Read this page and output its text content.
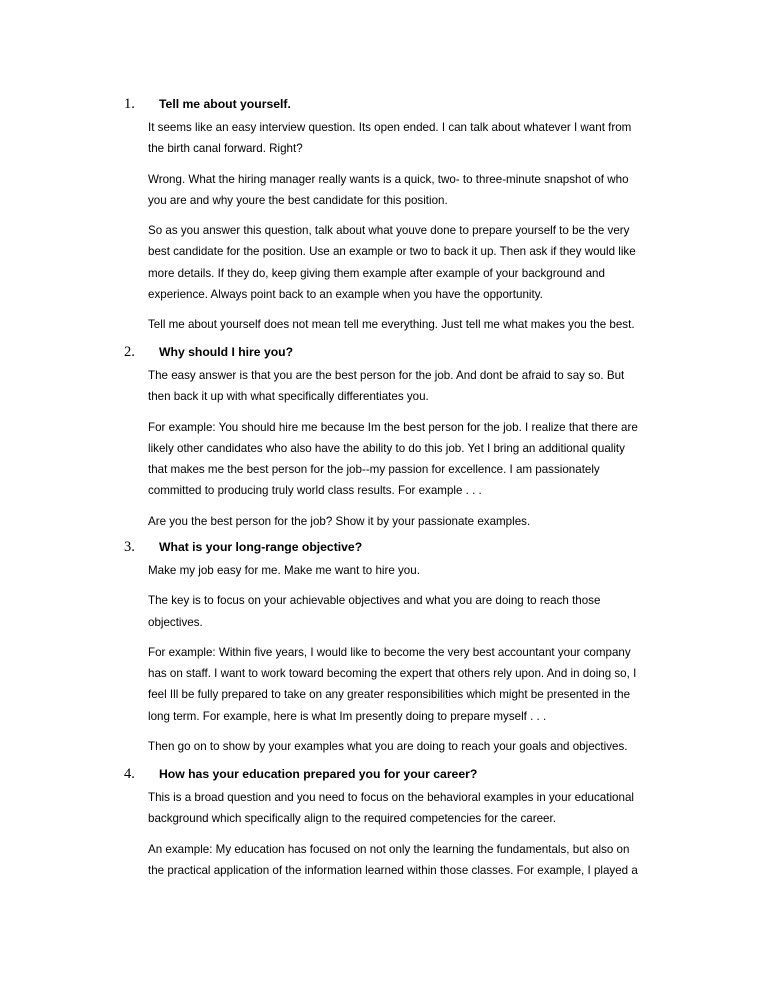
1. Tell me about yourself.

It seems like an easy interview question. Its open ended. I can talk about whatever I want from
the birth canal forward. Right?

Wrong. What the hiring manager really wants is a quick, two- to three-minute snapshot of who
you are and why youre the best candidate for this position.

So as you answer this question, talk about what youve done to prepare yourself to be the very
best candidate for the position. Use an example or two to back it up. Then ask if they would like
more details. If they do, keep giving them example after example of your background and
experience. Always point back to an example when you have the opportunity.

Tell me about yourself does not mean tell me everything. Just tell me what makes you the best.

2. Why should I hire you?

The easy answer is that you are the best person for the job. And dont be afraid to say so. But
then back it up with what specifically differentiates you.

For example: You should hire me because Im the best person for the job. I realize that there are
likely other candidates who also have the ability to do this job. Yet I bring an additional quality
that makes me the best person for the job--my passion for excellence. I am passionately
committed to producing truly world class results. For example . . .

Are you the best person for the job? Show it by your passionate examples.

3. What is your long-range objective?

Make my job easy for me. Make me want to hire you.

The key is to focus on your achievable objectives and what you are doing to reach those
objectives.

For example: Within five years, I would like to become the very best accountant your company
has on staff. I want to work toward becoming the expert that others rely upon. And in doing so, I
feel Ill be fully prepared to take on any greater responsibilities which might be presented in the
long term. For example, here is what Im presently doing to prepare myself . . .

Then go on to show by your examples what you are doing to reach your goals and objectives.

4. How has your education prepared you for your career?

This is a broad question and you need to focus on the behavioral examples in your educational
background which specifically align to the required competencies for the career.

An example: My education has focused on not only the learning the fundamentals, but also on
the practical application of the information learned within those classes. For example, I played a
